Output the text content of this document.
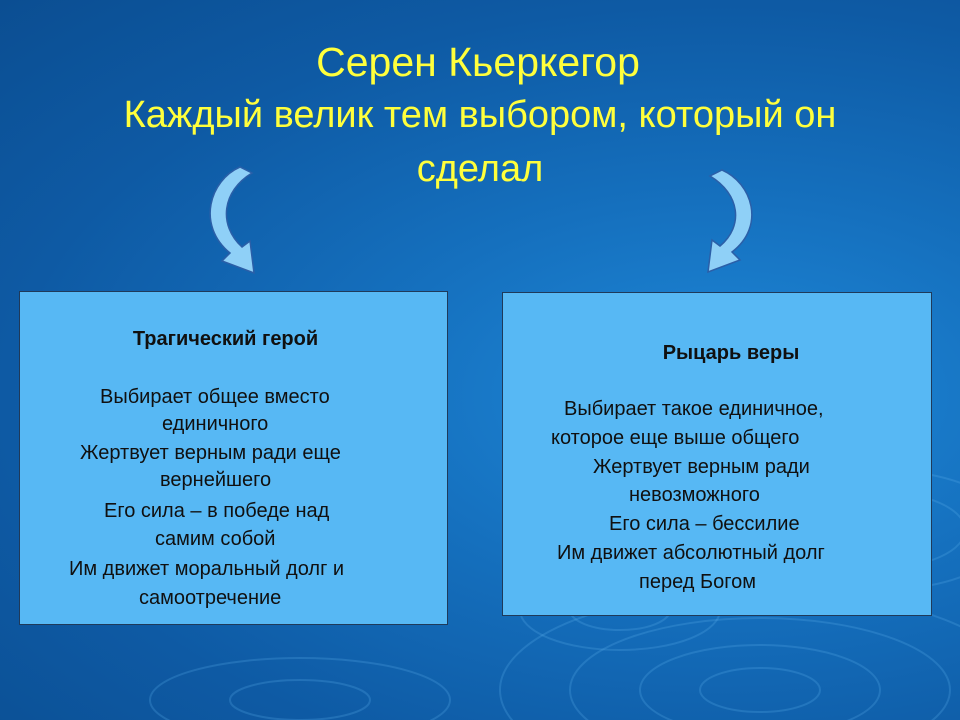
Серен Кьеркегор
Каждый велик тем выбором, который он
сделал
Трагический герой
Выбирает общее вместо
единичного
Жертвует верным ради еще
вернейшего
Его сила – в победе над
самим собой
Им движет моральный долг и
самоотречение
Рыцарь веры
Выбирает такое единичное,
которое еще выше общего
Жертвует верным ради
невозможного
Его сила – бессилие
Им движет абсолютный долг
перед Богом
